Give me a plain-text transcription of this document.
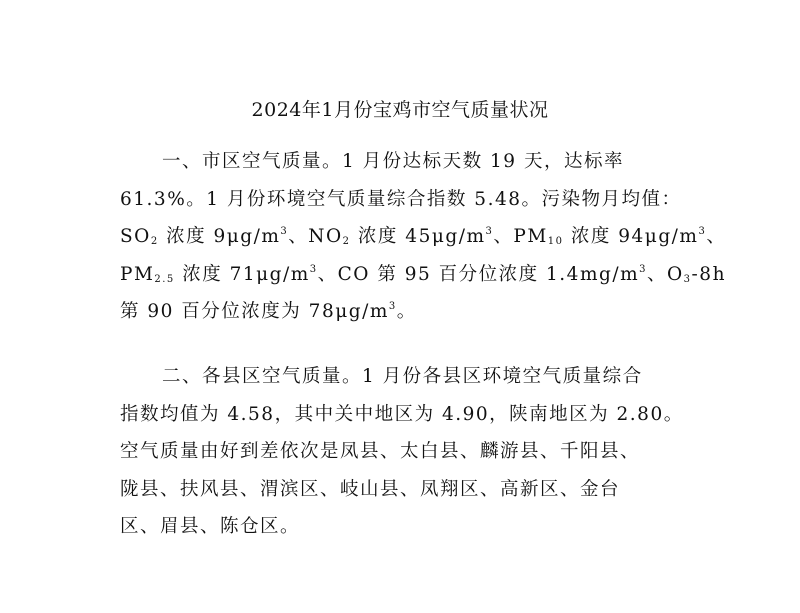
2024年1月份宝鸡市空气质量状况
一、市区空气质量。1 月份达标天数 19 天，达标率
61.3%。1 月份环境空气质量综合指数 5.48。污染物月均值：
$SO_2$ 浓度 $9\mu g/m^3$、$NO_2$ 浓度 $45\mu g/m^3$、$PM_{10}$ 浓度 $94\mu g/m^3$、
$PM_{2.5}$ 浓度 $71\mu g/m^3$、CO 第 95 百分位浓度 $1.4mg/m^3$、$O_3-8h$
第 90 百分位浓度为 $78\mu g/m^3$。
二、各县区空气质量。1 月份各县区环境空气质量综合
指数均值为 4.58，其中关中地区为 4.90，陕南地区为 2.80。
空气质量由好到差依次是凤县、太白县、麟游县、千阳县、
陇县、扶风县、渭滨区、岐山县、凤翔区、高新区、金台
区、眉县、陈仓区。
